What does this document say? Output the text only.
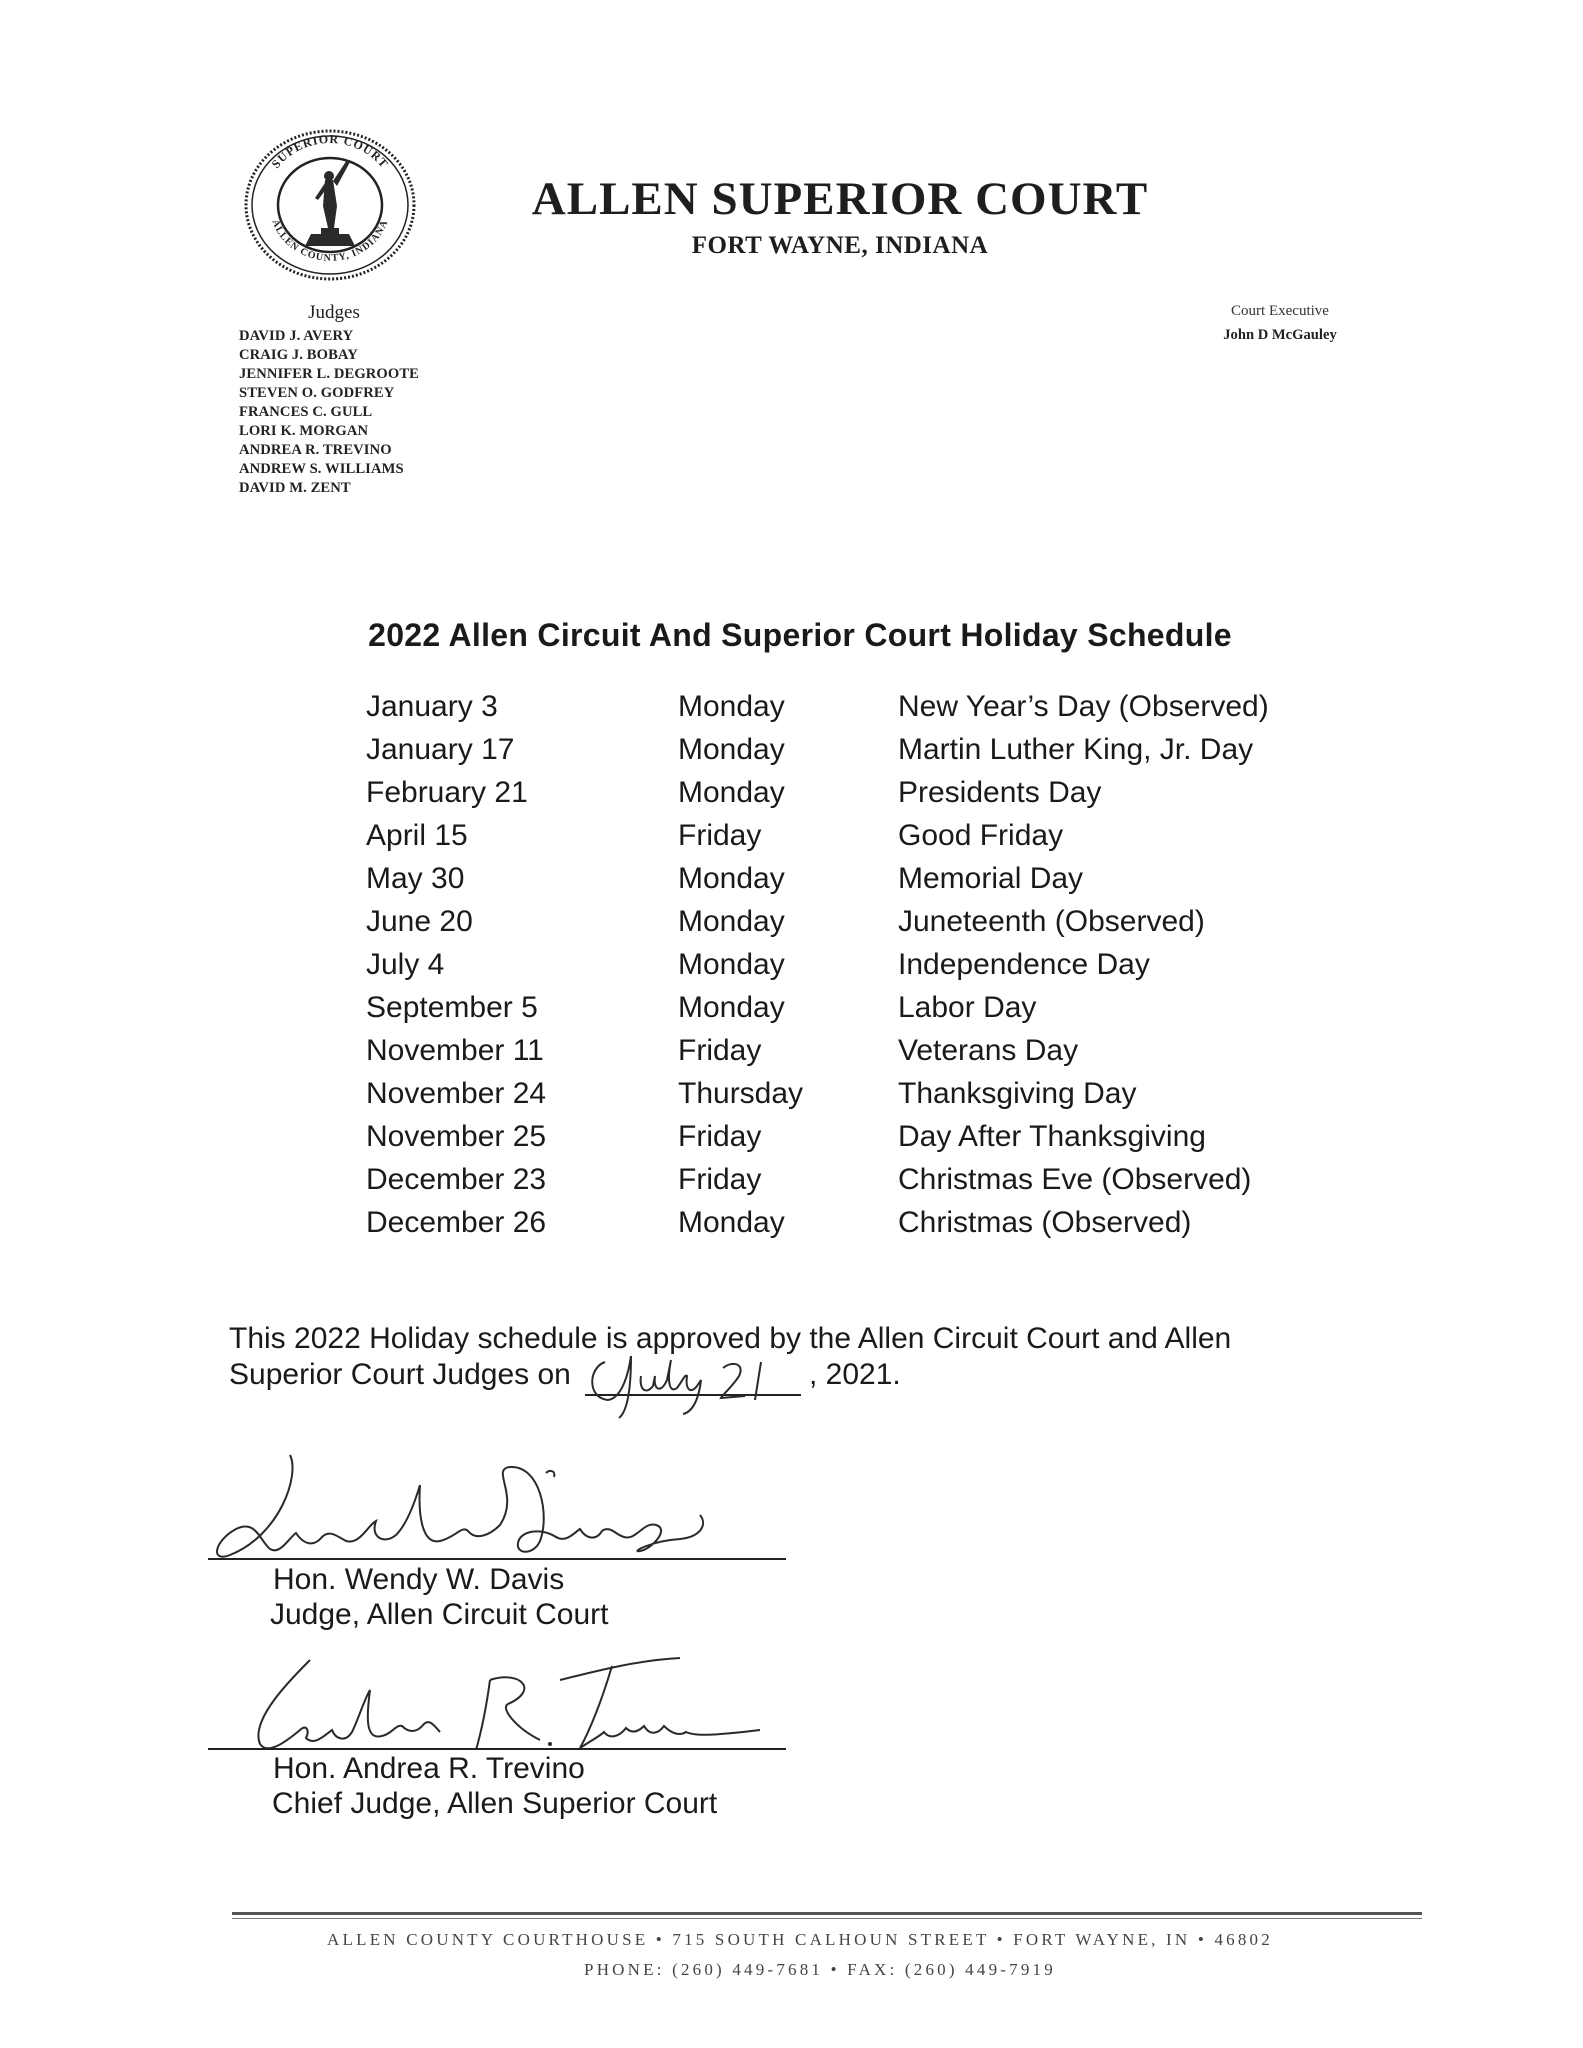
SUPERIOR COURT
ALLEN COUNTY, INDIANA	ALLEN SUPERIOR COURT
FORT WAYNE, INDIANA
Judges
DAVID J. AVERY
CRAIG J. BOBAY
JENNIFER L. DEGROOTE
STEVEN O. GODFREY
FRANCES C. GULL
LORI K. MORGAN
ANDREA R. TREVINO
ANDREW S. WILLIAMS
DAVID M. ZENT
Court Executive
John D McGauley
2022 Allen Circuit And Superior Court Holiday Schedule
January 3	Monday	New Year’s Day (Observed)
January 17	Monday	Martin Luther King, Jr. Day
February 21	Monday	Presidents Day
April 15	Friday	Good Friday
May 30	Monday	Memorial Day
June 20	Monday	Juneteenth (Observed)
July 4	Monday	Independence Day
September 5	Monday	Labor Day
November 11	Friday	Veterans Day
November 24	Thursday	Thanksgiving Day
November 25	Friday	Day After Thanksgiving
December 23	Friday	Christmas Eve (Observed)
December 26	Monday	Christmas (Observed)
This 2022 Holiday schedule is approved by the Allen Circuit Court and Allen
Superior Court Judges on	, 2021.
Hon. Wendy W. Davis
Judge, Allen Circuit Court
Hon. Andrea R. Trevino
Chief Judge, Allen Superior Court
ALLEN COUNTY COURTHOUSE • 715 SOUTH CALHOUN STREET • FORT WAYNE, IN • 46802
PHONE: (260) 449-7681 • FAX: (260) 449-7919
